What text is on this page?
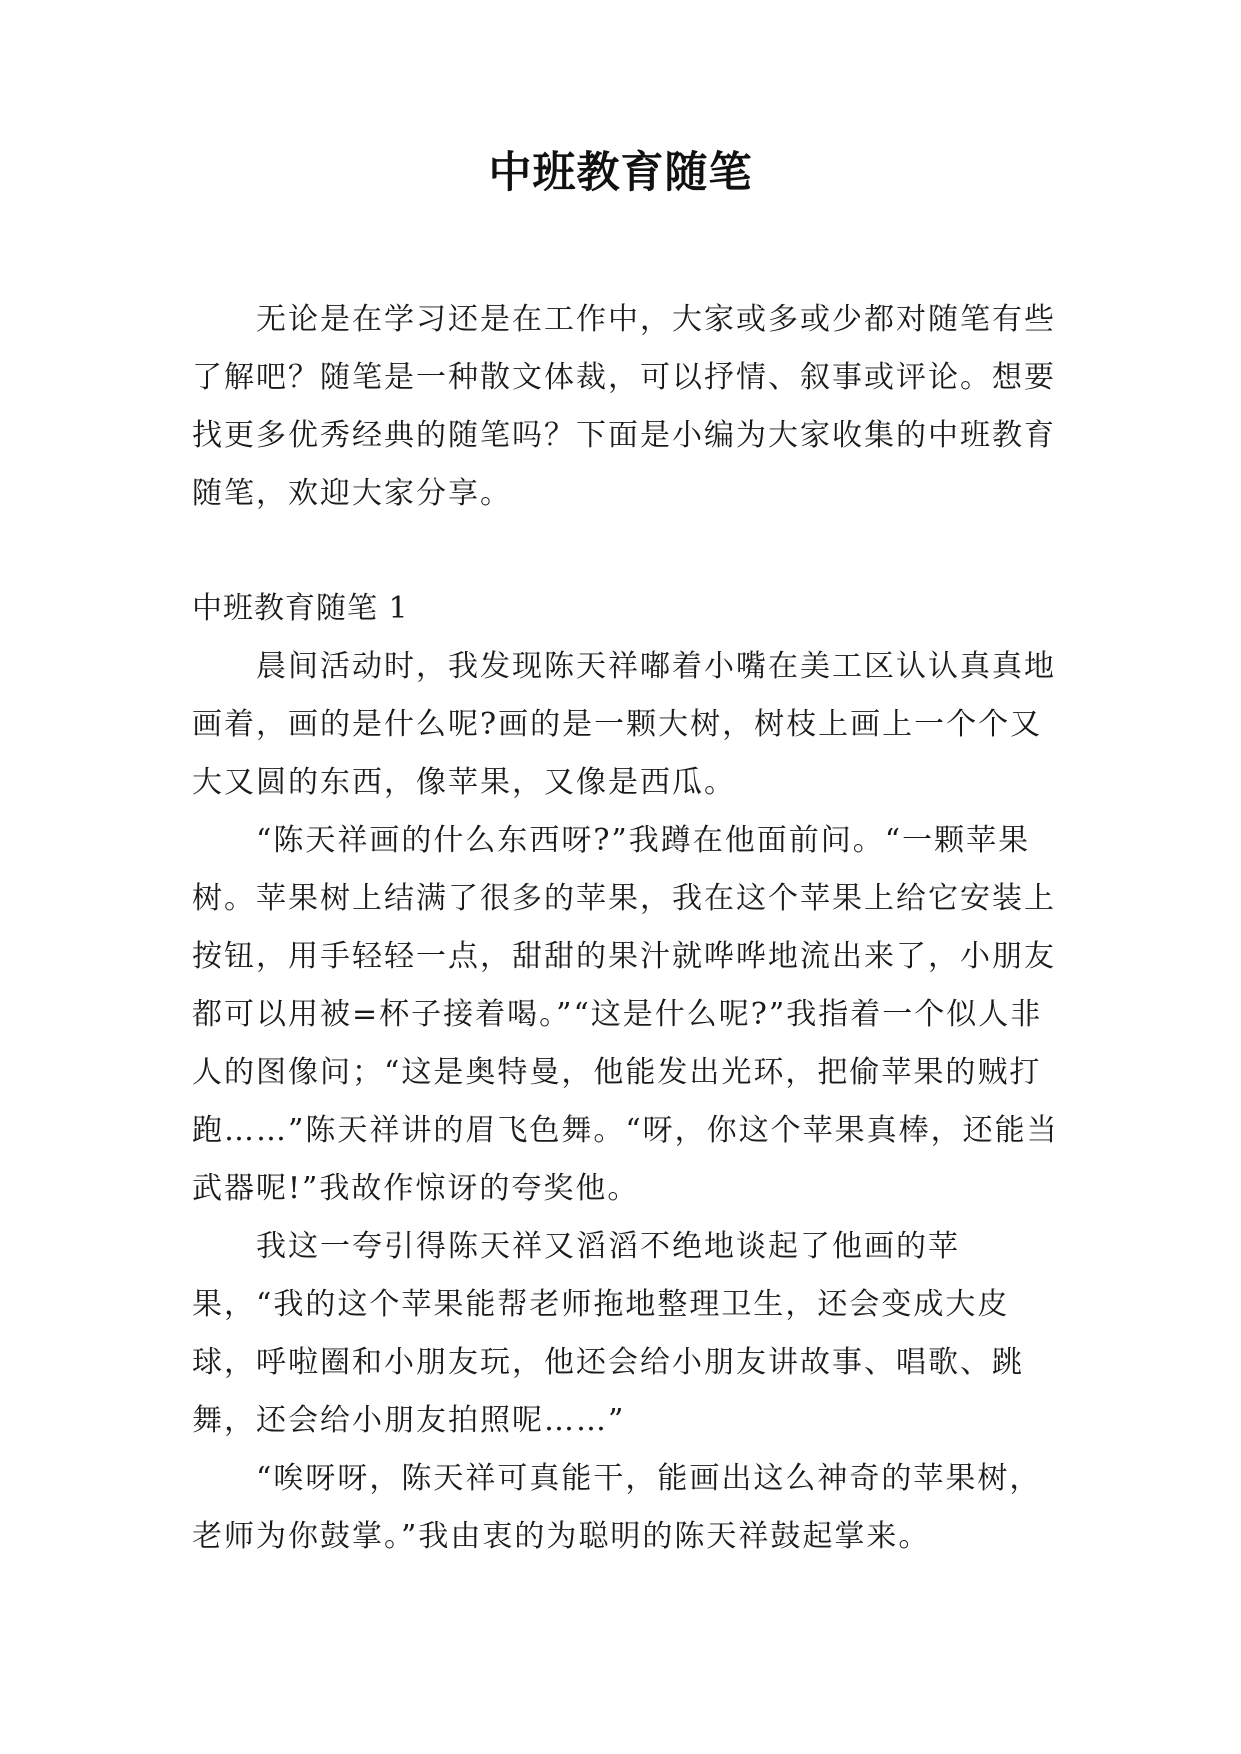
中班教育随笔

无论是在学习还是在工作中，大家或多或少都对随笔有些了解吧？随笔是一种散文体裁，可以抒情、叙事或评论。想要找更多优秀经典的随笔吗？下面是小编为大家收集的中班教育随笔，欢迎大家分享。

中班教育随笔 1

晨间活动时，我发现陈天祥嘟着小嘴在美工区认认真真地画着，画的是什么呢?画的是一颗大树，树枝上画上一个个又大又圆的东西，像苹果，又像是西瓜。

“陈天祥画的什么东西呀?”我蹲在他面前问。“一颗苹果树。苹果树上结满了很多的苹果，我在这个苹果上给它安装上按钮，用手轻轻一点，甜甜的果汁就哗哗地流出来了，小朋友都可以用被=杯子接着喝。”“这是什么呢?”我指着一个似人非人的图像问；“这是奥特曼，他能发出光环，把偷苹果的贼打跑……”陈天祥讲的眉飞色舞。“呀，你这个苹果真棒，还能当武器呢!”我故作惊讶的夸奖他。

我这一夸引得陈天祥又滔滔不绝地谈起了他画的苹果，“我的这个苹果能帮老师拖地整理卫生，还会变成大皮球，呼啦圈和小朋友玩，他还会给小朋友讲故事、唱歌、跳舞，还会给小朋友拍照呢……”

“唉呀呀，陈天祥可真能干，能画出这么神奇的苹果树，老师为你鼓掌。”我由衷的为聪明的陈天祥鼓起掌来。
